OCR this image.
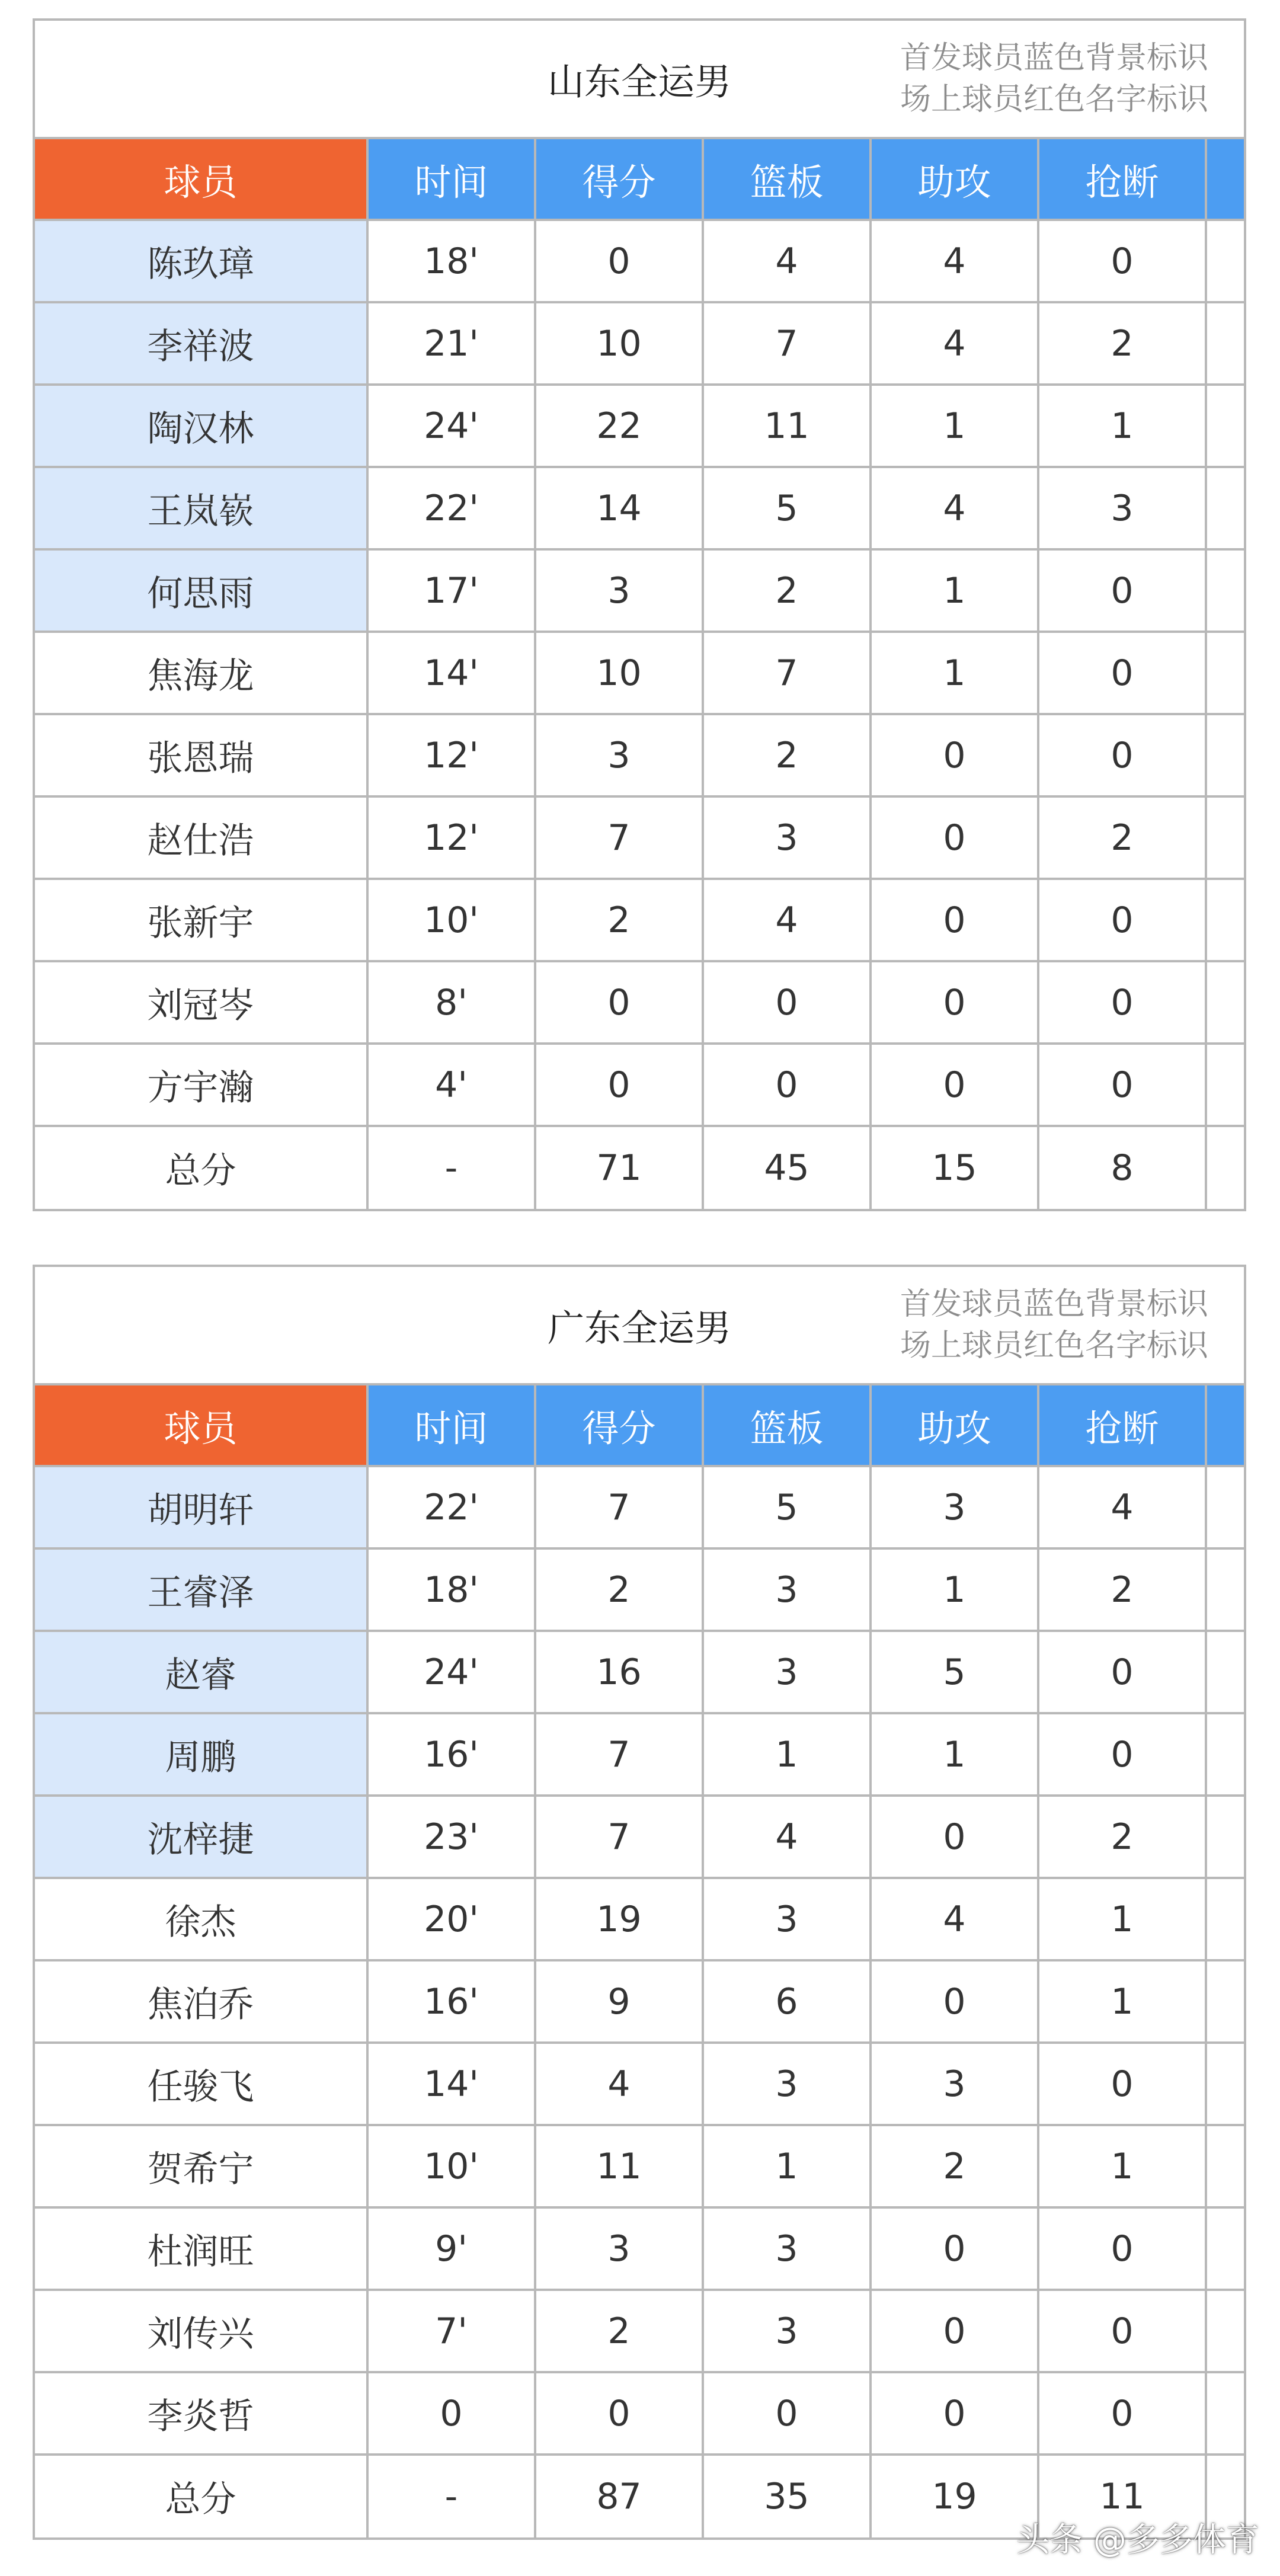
山东全运男
首发球员蓝色背景标识
场上球员红色名字标识						

球员	时间	得分	篮板	助攻	抢断	
陈玖璋	18'	0	4	4	0	
李祥波	21'	10	7	4	2	
陶汉林	24'	22	11	1	1	
王岚嵚	22'	14	5	4	3	
何思雨	17'	3	2	1	0	
焦海龙	14'	10	7	1	0	
张恩瑞	12'	3	2	0	0	
赵仕浩	12'	7	3	0	2	
张新宇	10'	2	4	0	0	
刘冠岑	8'	0	0	0	0	
方宇瀚	4'	0	0	0	0	
总分	-	71	45	15	8	
广东全运男
首发球员蓝色背景标识
场上球员红色名字标识						

球员	时间	得分	篮板	助攻	抢断	
胡明轩	22'	7	5	3	4	
王睿泽	18'	2	3	1	2	
赵睿	24'	16	3	5	0	
周鹏	16'	7	1	1	0	
沈梓捷	23'	7	4	0	2	
徐杰	20'	19	3	4	1	
焦泊乔	16'	9	6	0	1	
任骏飞	14'	4	3	3	0	
贺希宁	10'	11	1	2	1	
杜润旺	9'	3	3	0	0	
刘传兴	7'	2	3	0	0	
李炎哲	0	0	0	0	0	
总分	-	87	35	19	11	
头条 @多多体育
